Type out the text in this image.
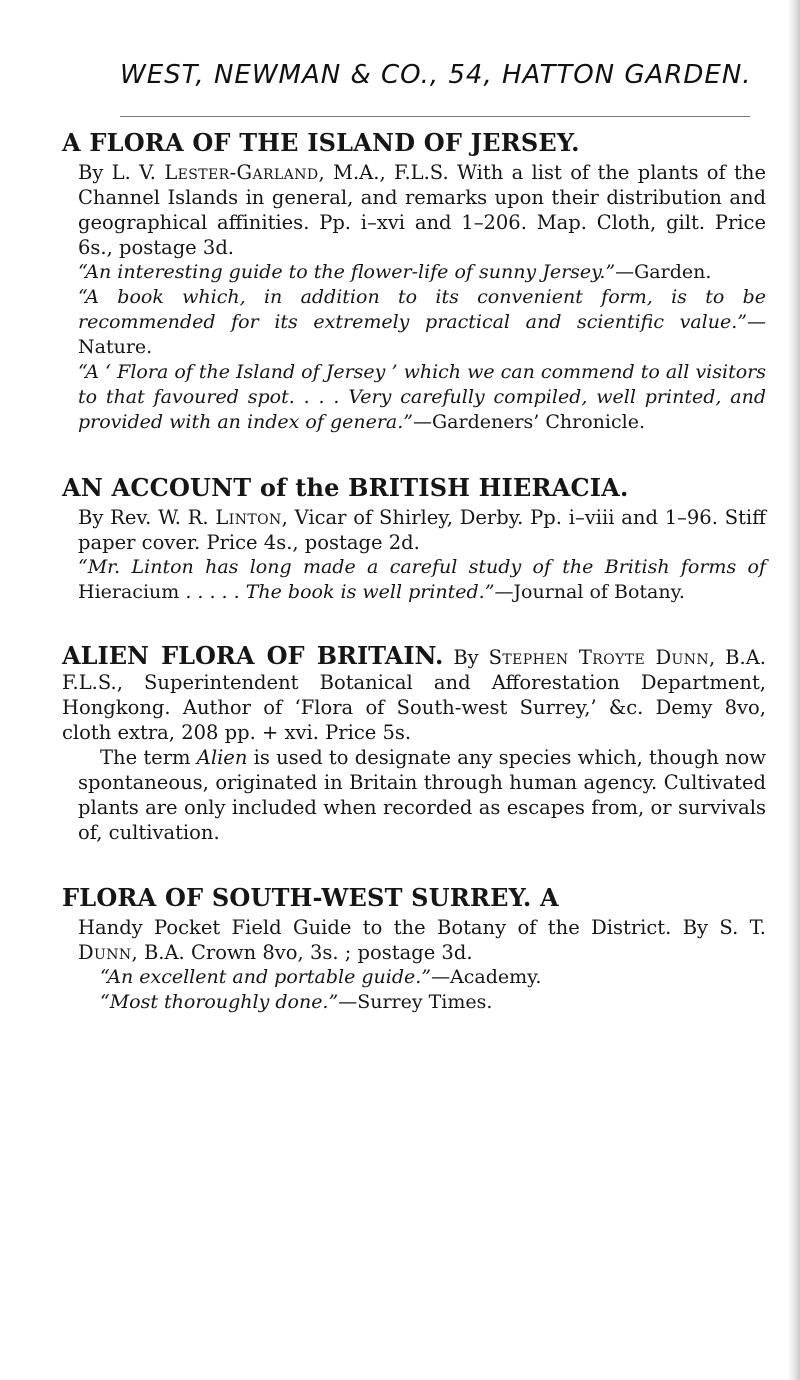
WEST, NEWMAN & CO., 54, HATTON GARDEN.
A FLORA OF THE ISLAND OF JERSEY.

By L. V. Lester-Garland, M.A., F.L.S. With a list of the plants of the Channel Islands in general, and remarks upon their distribution and geographical affinities. Pp. i–xvi and 1–206. Map. Cloth, gilt. Price 6s., postage 3d.

“An interesting guide to the flower-life of sunny Jersey.”—Garden.

“A book which, in addition to its convenient form, is to be recommended for its extremely practical and scientific value.”—Nature.

“A ‘ Flora of the Island of Jersey ’ which we can commend to all visitors to that favoured spot. . . . Very carefully compiled, well printed, and provided with an index of genera.”—Gardeners’ Chronicle.

AN ACCOUNT of the BRITISH HIERACIA.

By Rev. W. R. Linton, Vicar of Shirley, Derby. Pp. i–viii and 1–96. Stiff paper cover. Price 4s., postage 2d.

“Mr. Linton has long made a careful study of the British forms of Hieracium . . . . . The book is well printed.”—Journal of Botany.

ALIEN FLORA OF BRITAIN. By Stephen Troyte Dunn, B.A. F.L.S., Superintendent Botanical and Afforestation Department, Hongkong. Author of ‘Flora of South-west Surrey,’ &c. Demy 8vo, cloth extra, 208 pp. + xvi. Price 5s.

The term Alien is used to designate any species which, though now spontaneous, originated in Britain through human agency. Cultivated plants are only included when recorded as escapes from, or survivals of, cultivation.

FLORA OF SOUTH-WEST SURREY. A

Handy Pocket Field Guide to the Botany of the District. By S. T. Dunn, B.A. Crown 8vo, 3s. ; postage 3d.

“An excellent and portable guide.”—Academy.

“Most thoroughly done.”—Surrey Times.
